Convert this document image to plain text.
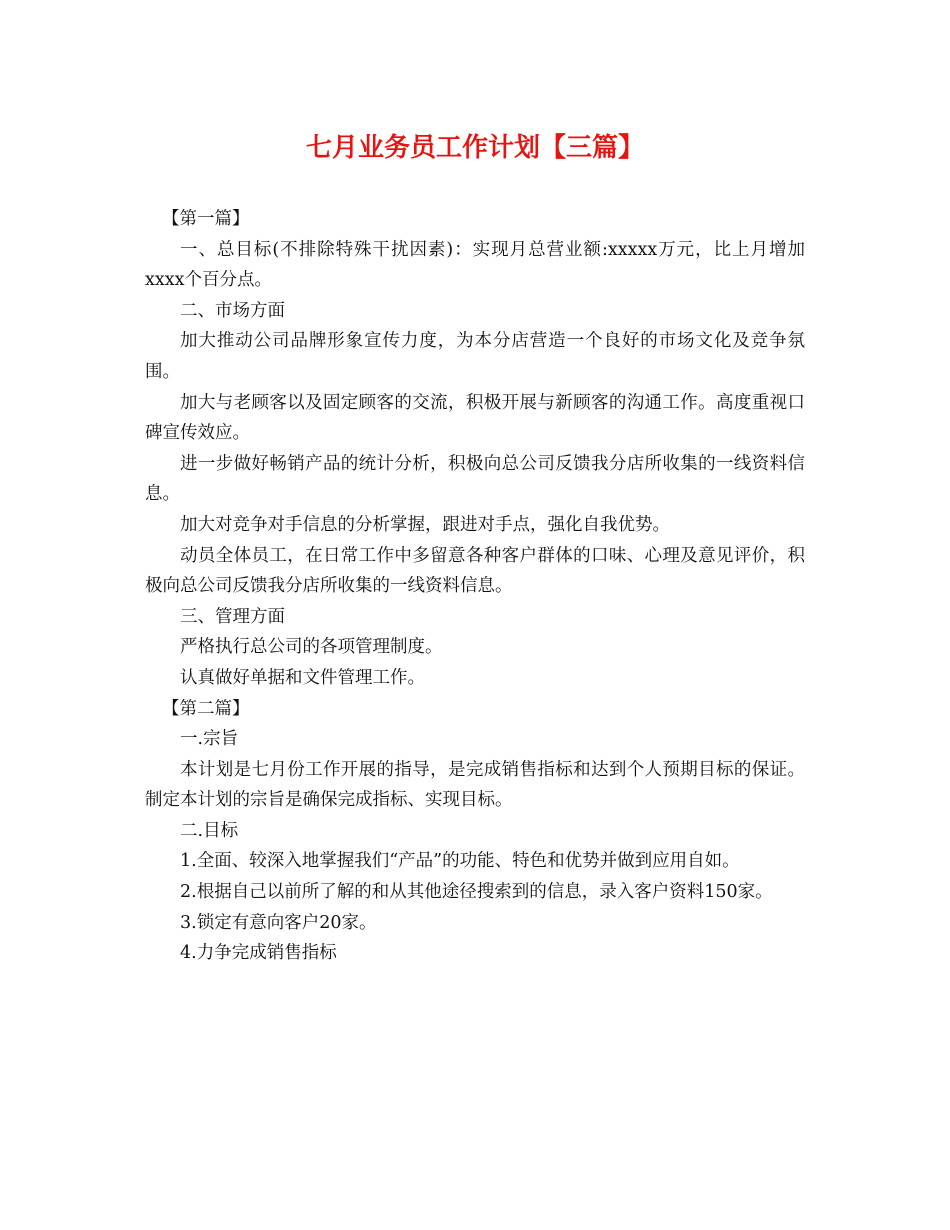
七月业务员工作计划【三篇】

【第一篇】

一、总目标(不排除特殊干扰因素)：实现月总营业额:xxxxx万元，比上月增加xxxx个百分点。

二、市场方面

加大推动公司品牌形象宣传力度，为本分店营造一个良好的市场文化及竞争氛围。

加大与老顾客以及固定顾客的交流，积极开展与新顾客的沟通工作。高度重视口碑宣传效应。

进一步做好畅销产品的统计分析，积极向总公司反馈我分店所收集的一线资料信息。

加大对竞争对手信息的分析掌握，跟进对手点，强化自我优势。

动员全体员工，在日常工作中多留意各种客户群体的口味、心理及意见评价，积极向总公司反馈我分店所收集的一线资料信息。

三、管理方面

严格执行总公司的各项管理制度。

认真做好单据和文件管理工作。

【第二篇】

一.宗旨

本计划是七月份工作开展的指导，是完成销售指标和达到个人预期目标的保证。制定本计划的宗旨是确保完成指标、实现目标。

二.目标

1.全面、较深入地掌握我们“产品”的功能、特色和优势并做到应用自如。

2.根据自己以前所了解的和从其他途径搜索到的信息，录入客户资料150家。

3.锁定有意向客户20家。

4.力争完成销售指标
